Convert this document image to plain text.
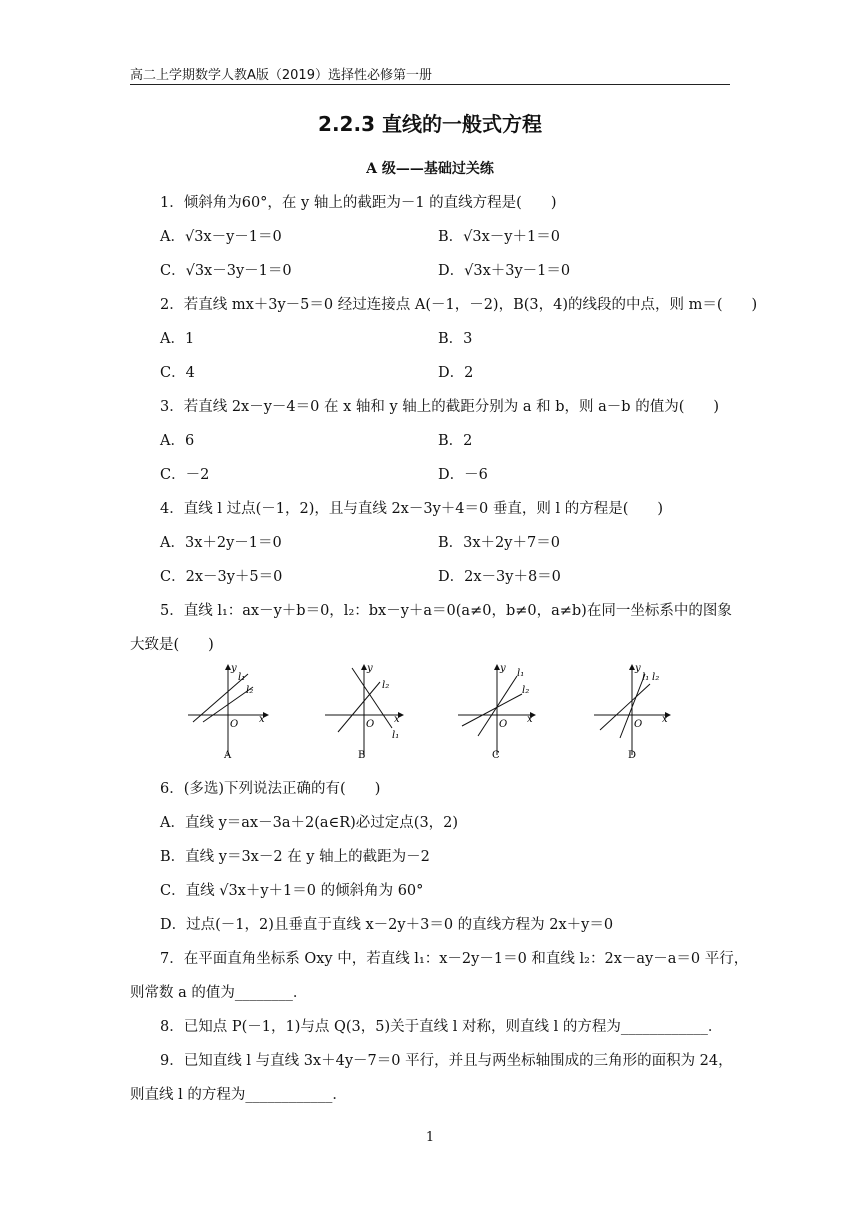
高二上学期数学人教A版（2019）选择性必修第一册
2.2.3 直线的一般式方程
A 级——基础过关练
1．倾斜角为60°，在 y 轴上的截距为－1 的直线方程是(　　)
A．√3x－y－1＝0	B．√3x－y＋1＝0
C．√3x－3y－1＝0	D．√3x＋3y－1＝0
2．若直线 mx＋3y－5＝0 经过连接点 A(－1，－2)，B(3，4)的线段的中点，则 m＝(　　)
A．1	B．3
C．4	D．2
3．若直线 2x－y－4＝0 在 x 轴和 y 轴上的截距分别为 a 和 b，则 a－b 的值为(　　)
A．6	B．2
C．－2	D．－6
4．直线 l 过点(－1，2)，且与直线 2x－3y＋4＝0 垂直，则 l 的方程是(　　)
A．3x＋2y－1＝0	B．3x＋2y＋7＝0
C．2x－3y＋5＝0	D．2x－3y＋8＝0
5．直线 l₁：ax－y＋b＝0，l₂：bx－y＋a＝0(a≠0，b≠0，a≠b)在同一坐标系中的图象
大致是(　　)
y
l₁
l₂
O x
A
y
l₂
l₁
O x
B
y l₁
l₂
O x
C
y
l₁ l₂
O x
D
6．(多选)下列说法正确的有(　　)
A．直线 y＝ax－3a＋2(a∈R)必过定点(3，2)
B．直线 y＝3x－2 在 y 轴上的截距为－2
C．直线 √3x＋y＋1＝0 的倾斜角为 60°
D．过点(－1，2)且垂直于直线 x－2y＋3＝0 的直线方程为 2x＋y＝0
7．在平面直角坐标系 Oxy 中，若直线 l₁：x－2y－1＝0 和直线 l₂：2x－ay－a＝0 平行，
则常数 a 的值为________．
8．已知点 P(－1，1)与点 Q(3，5)关于直线 l 对称，则直线 l 的方程为____________．
9．已知直线 l 与直线 3x＋4y－7＝0 平行，并且与两坐标轴围成的三角形的面积为 24，
则直线 l 的方程为____________．
1
